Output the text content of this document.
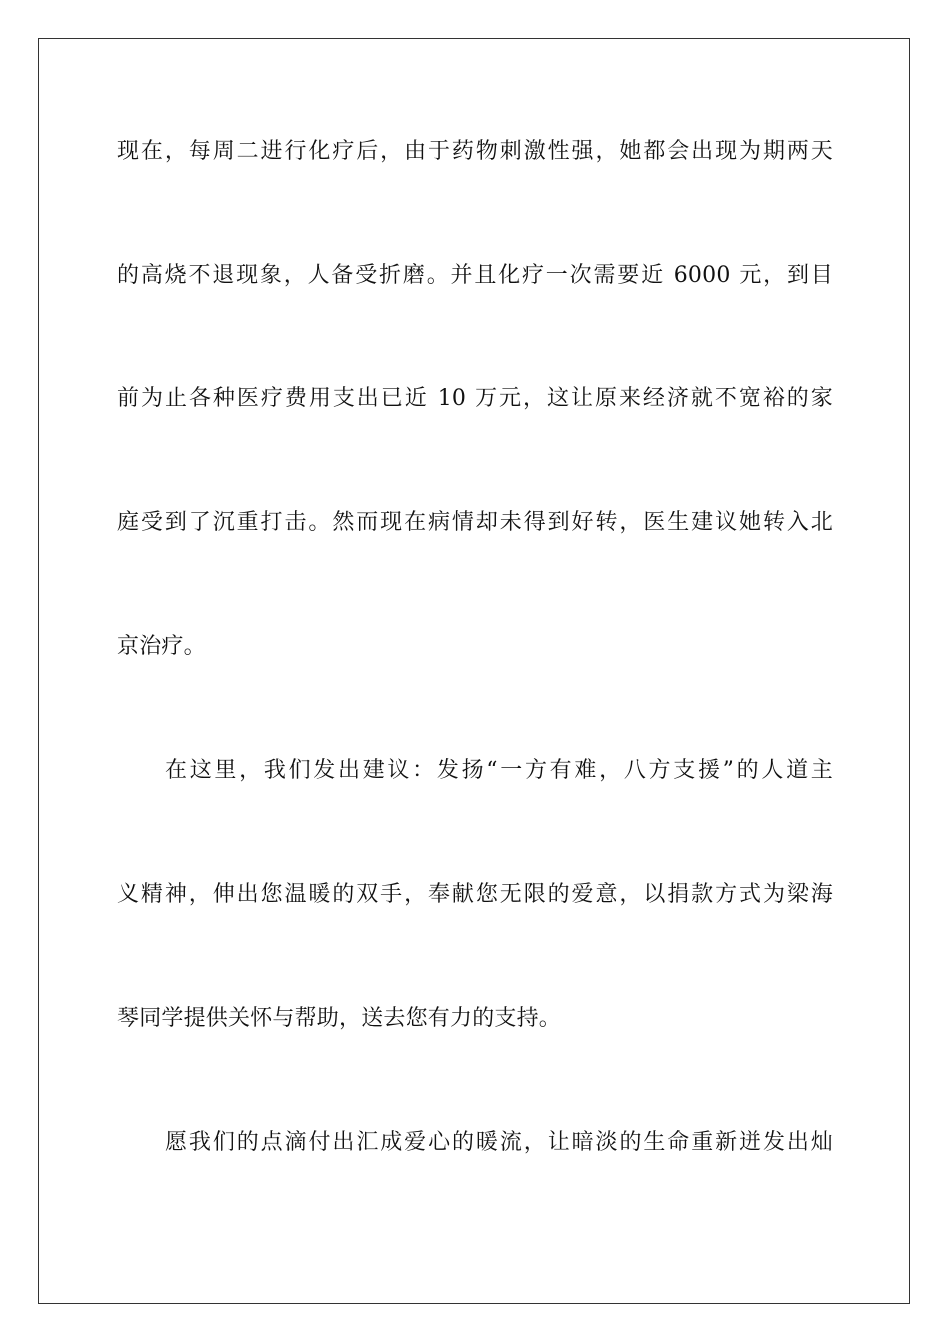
现在，每周二进行化疗后，由于药物刺激性强，她都会出现为期两天
的高烧不退现象，人备受折磨。并且化疗一次需要近 6000 元，到目
前为止各种医疗费用支出已近 10 万元，这让原来经济就不宽裕的家
庭受到了沉重打击。然而现在病情却未得到好转，医生建议她转入北
京治疗。
在这里，我们发出建议：发扬“一方有难，八方支援”的人道主
义精神，伸出您温暖的双手，奉献您无限的爱意，以捐款方式为梁海
琴同学提供关怀与帮助，送去您有力的支持。
愿我们的点滴付出汇成爱心的暖流，让暗淡的生命重新迸发出灿
